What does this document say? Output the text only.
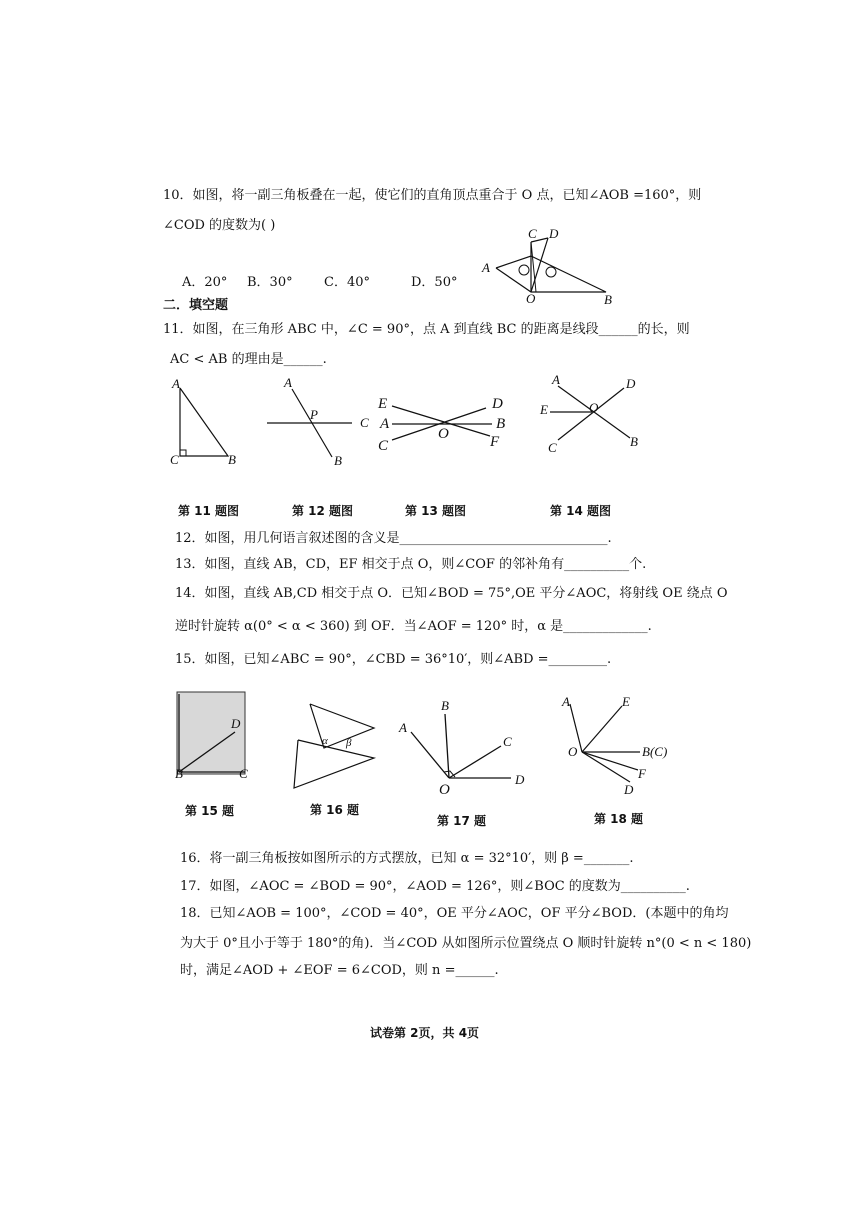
10．如图，将一副三角板叠在一起，使它们的直角顶点重合于 O 点，已知∠AOB =160°，则
∠COD 的度数为( )
C D
A
O	B
A．20° B．30° C．40°	D．50°
二．填空题
11．如图，在三角形 ABC 中，∠C = 90°，点 A 到直线 BC 的距离是线段______的长，则
AC < AB 的理由是______.
A
C	B
A
P
C
B
E	D
A
O
B
C	F
A	D
E	O
C	B
第 11 题图	第 12 题图	第 13 题图	第 14 题图
12．如图，用几何语言叙述图的含义是________________________________.
13．如图，直线 AB，CD，EF 相交于点 O，则∠COF 的邻补角有__________个.
14．如图，直线 AB,CD 相交于点 O．已知∠BOD = 75°,OE 平分∠AOC，将射线 OE 绕点 O
逆时针旋转 α(0° < α < 360) 到 OF．当∠AOF = 120° 时，α 是_____________.
15．如图，已知∠ABC = 90°，∠CBD = 36°10′，则∠ABD =_________.
D
B	C
α β
B
A
C
D
O
A	E
O	B(C)
F
D
第 15 题	第 16 题
第 17 题	第 18 题
16．将一副三角板按如图所示的方式摆放，已知 α = 32°10′，则 β =_______.
17．如图，∠AOC = ∠BOD = 90°，∠AOD = 126°，则∠BOC 的度数为__________.
18．已知∠AOB = 100°，∠COD = 40°，OE 平分∠AOC，OF 平分∠BOD．(本题中的角均
为大于 0°且小于等于 180°的角)．当∠COD 从如图所示位置绕点 O 顺时针旋转 n°(0 < n < 180)
时，满足∠AOD + ∠EOF = 6∠COD，则 n =______.
试卷第 2页，共 4页
